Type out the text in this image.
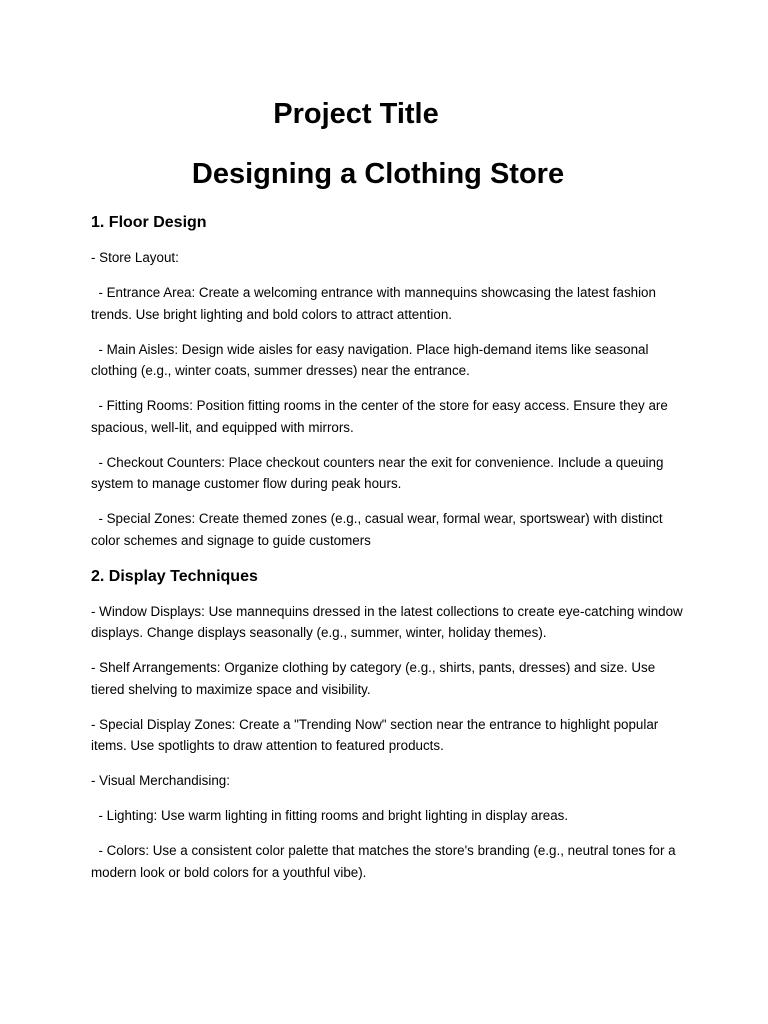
Project Title
Designing a Clothing Store
1. Floor Design

- Store Layout:

- Entrance Area: Create a welcoming entrance with mannequins showcasing the latest fashion trends. Use bright lighting and bold colors to attract attention.

- Main Aisles: Design wide aisles for easy navigation. Place high-demand items like seasonal clothing (e.g., winter coats, summer dresses) near the entrance.

- Fitting Rooms: Position fitting rooms in the center of the store for easy access. Ensure they are spacious, well-lit, and equipped with mirrors.

- Checkout Counters: Place checkout counters near the exit for convenience. Include a queuing system to manage customer flow during peak hours.

- Special Zones: Create themed zones (e.g., casual wear, formal wear, sportswear) with distinct color schemes and signage to guide customers

2. Display Techniques

- Window Displays: Use mannequins dressed in the latest collections to create eye-catching window displays. Change displays seasonally (e.g., summer, winter, holiday themes).

- Shelf Arrangements: Organize clothing by category (e.g., shirts, pants, dresses) and size. Use tiered shelving to maximize space and visibility.

- Special Display Zones: Create a "Trending Now" section near the entrance to highlight popular items. Use spotlights to draw attention to featured products.

- Visual Merchandising:

- Lighting: Use warm lighting in fitting rooms and bright lighting in display areas.

- Colors: Use a consistent color palette that matches the store's branding (e.g., neutral tones for a modern look or bold colors for a youthful vibe).
